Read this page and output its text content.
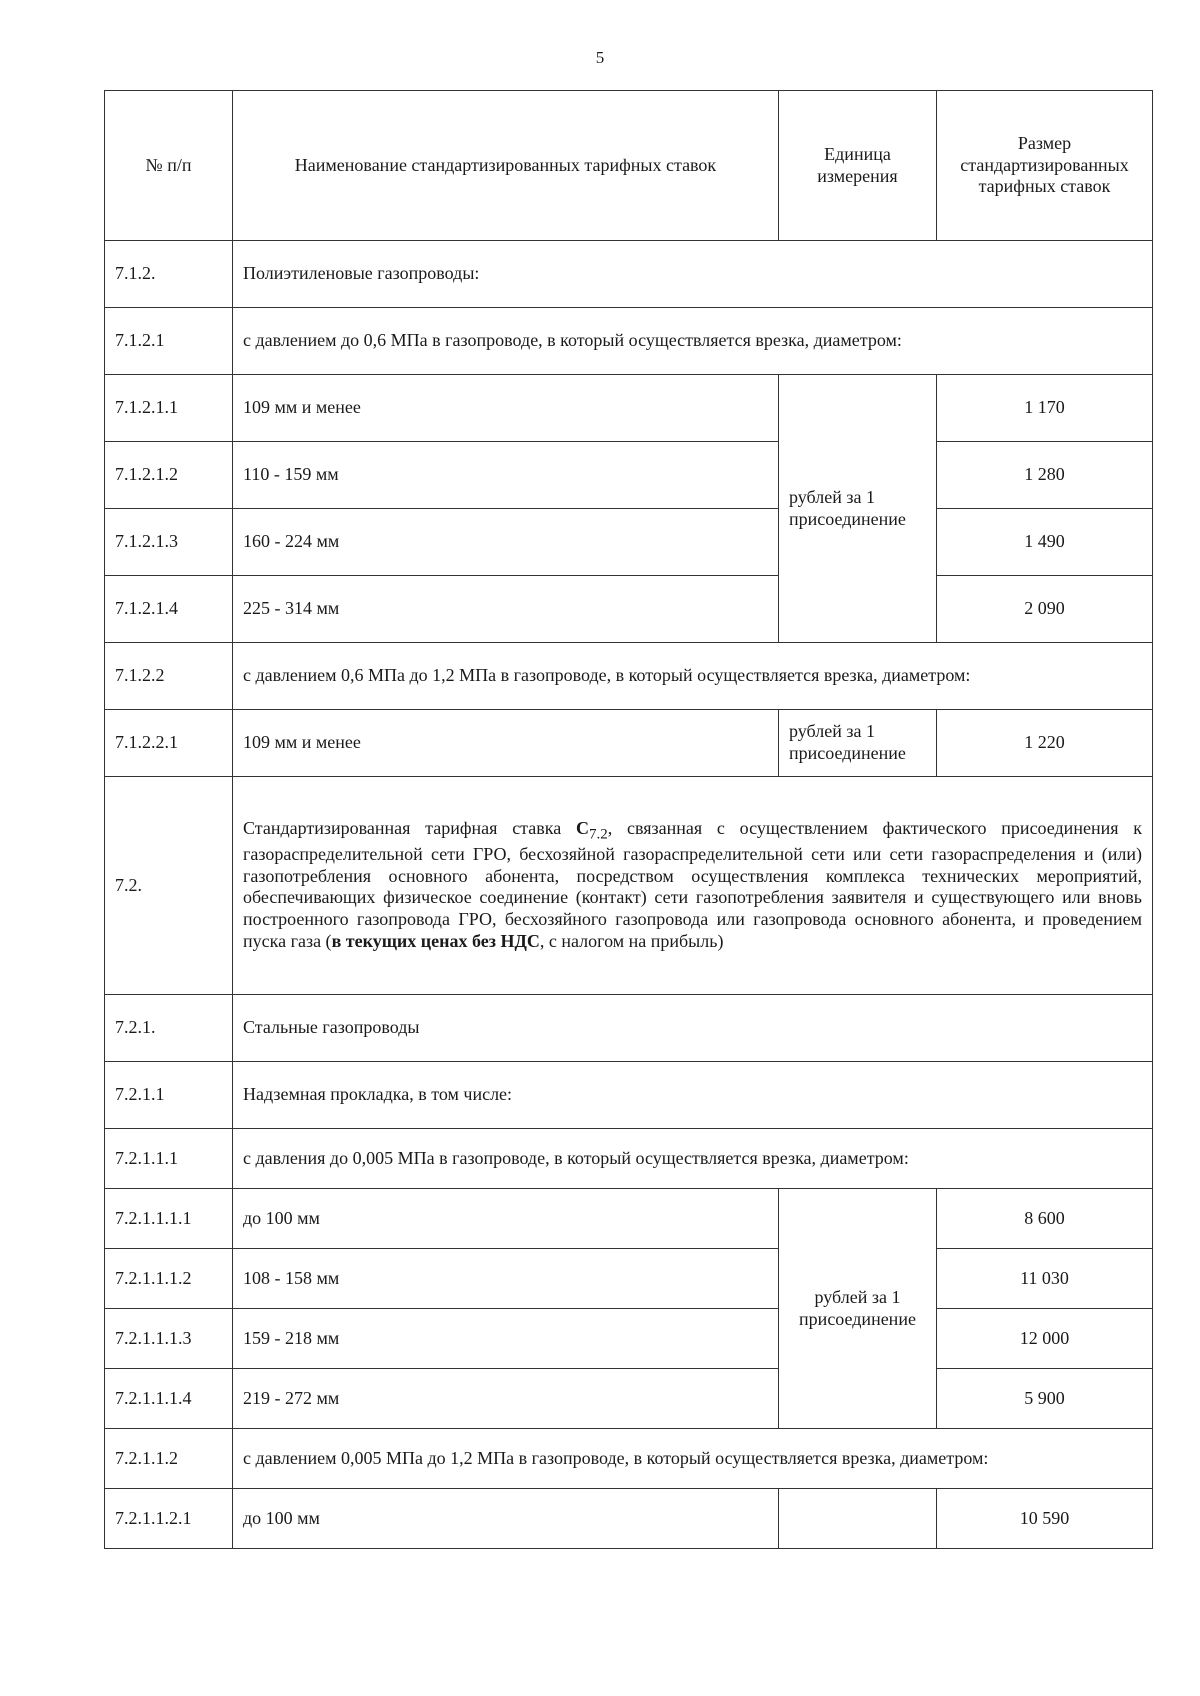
5
№ п/п	Наименование стандартизированных тарифных ставок	Единица измерения	Размер стандартизированных тарифных ставок
7.1.2.	Полиэтиленовые газопроводы:		
7.1.2.1	с давлением до 0,6 МПа в газопроводе, в который осуществляется врезка, диаметром:		
7.1.2.1.1	109 мм и менее	рублей за 1 присоединение	1 170
7.1.2.1.2	110 - 159 мм		1 280
7.1.2.1.3	160 - 224 мм		1 490
7.1.2.1.4	225 - 314 мм		2 090
7.1.2.2	с давлением 0,6 МПа до 1,2 МПа в газопроводе, в который осуществляется врезка, диаметром:		
7.1.2.2.1	109 мм и менее	рублей за 1 присоединение	1 220
7.2.	Стандартизированная тарифная ставка $С_{7.2}$, связанная с осуществлением фактического присоединения к газораспределительной сети ГРО, бесхозяйной газораспределительной сети или сети газораспределения и (или) газопотребления основного абонента, посредством осуществления комплекса технических мероприятий, обеспечивающих физическое соединение (контакт) сети газопотребления заявителя и существующего или вновь построенного газопровода ГРО, бесхозяйного газопровода или газопровода основного абонента, и проведением пуска газа (в текущих ценах без НДС, с налогом на прибыль)		
7.2.1.	Стальные газопроводы		
7.2.1.1	Надземная прокладка, в том числе:		
7.2.1.1.1	с давления до 0,005 МПа в газопроводе, в который осуществляется врезка, диаметром:		
7.2.1.1.1.1	до 100 мм	рублей за 1 присоединение	8 600
7.2.1.1.1.2	108 - 158 мм		11 030
7.2.1.1.1.3	159 - 218 мм		12 000
7.2.1.1.1.4	219 - 272 мм		5 900
7.2.1.1.2	с давлением 0,005 МПа до 1,2 МПа в газопроводе, в который осуществляется врезка, диаметром:		
7.2.1.1.2.1	до 100 мм		10 590
